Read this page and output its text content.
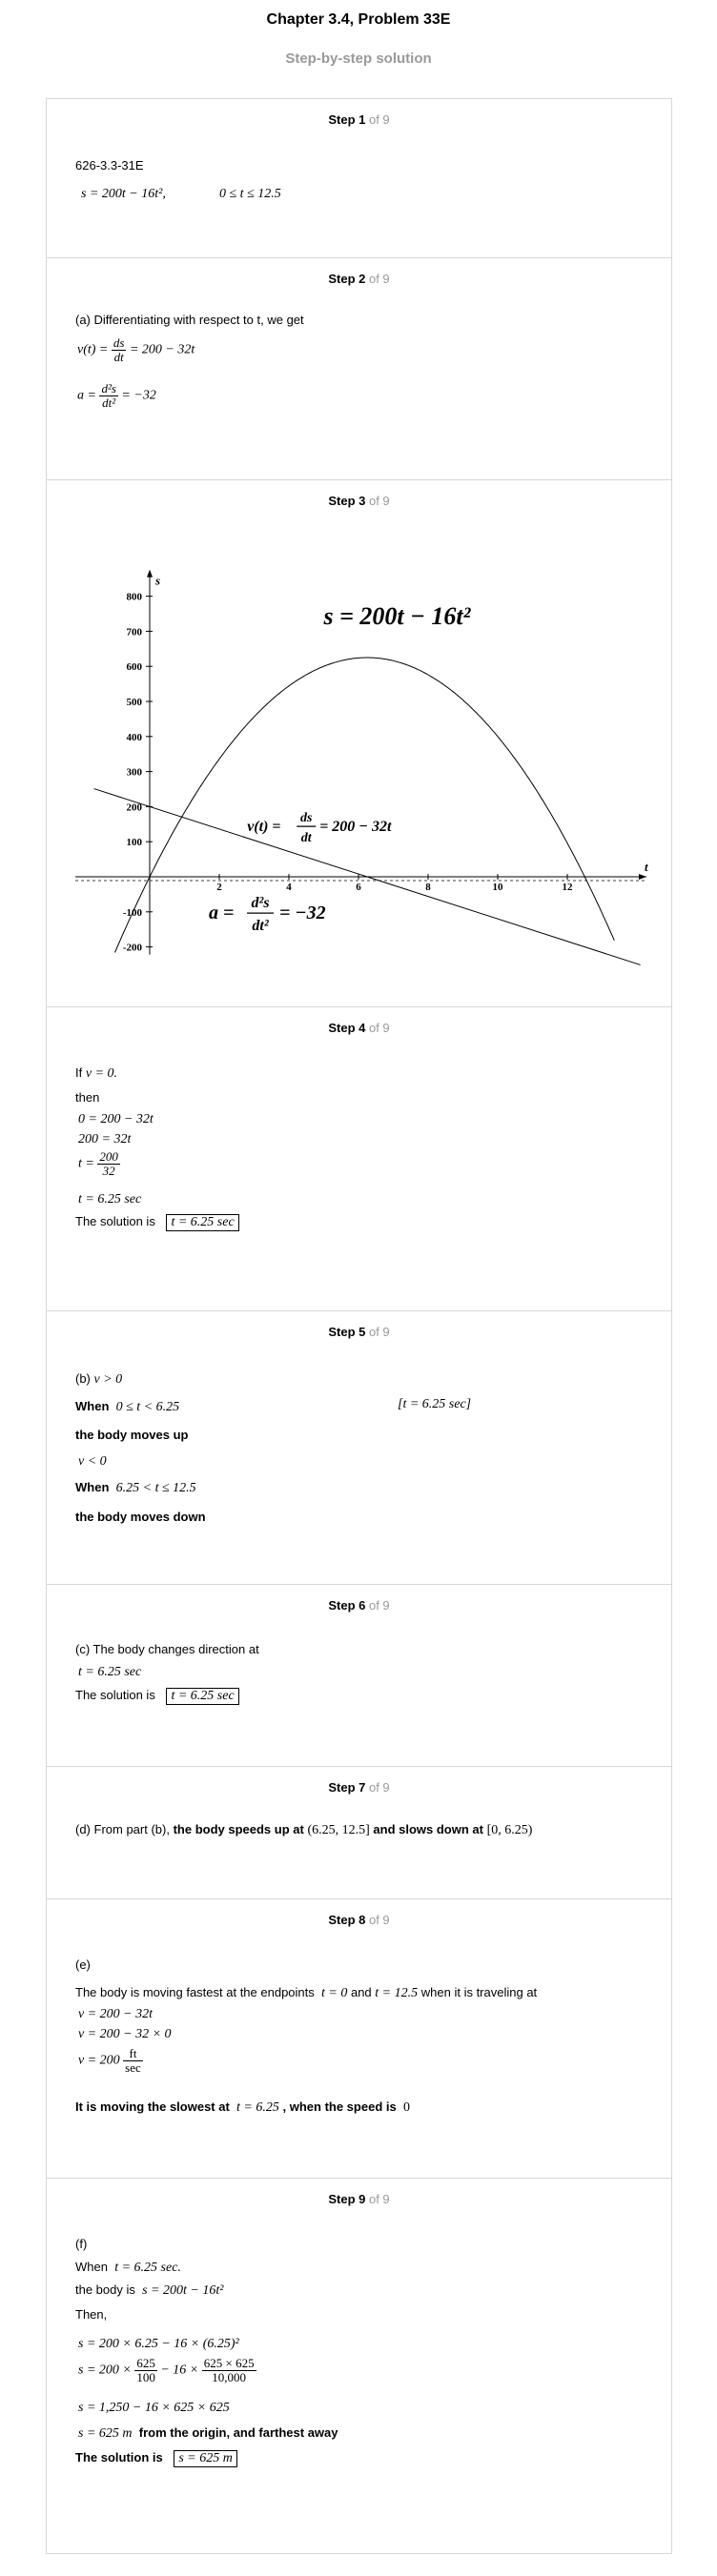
Chapter 3.4, Problem 33E
Step-by-step solution
Step 1 of 9
626-3.3-31E
s = 200t − 16t²,	0 ≤ t ≤ 12.5
Step 2 of 9
(a) Differentiating with respect to t, we get
$v(t) = \frac{ds}{dt} = 200 - 32t$
$a = \frac{\text{d²s}}{\text{dt²}} = -32$
Step 3 of 9
t
s
2	4	6	8	10	12
800
700
600
500
400
300
200
100
-100
-200
s = 200t − 16t²
v(t) =
ds
dt
= 200 − 32t
a = d²s
dt²
= −32
Step 4 of 9
If v = 0.
then
0 = 200 − 32t
200 = 32t
$t = \frac{200}{32}$
t = 6.25 sec
The solution is t = 6.25 sec
Step 5 of 9
(b) v > 0
When 0 ≤ t < 6.25	[t = 6.25 sec]
the body moves up
v < 0
When 6.25 < t ≤ 12.5
the body moves down
Step 6 of 9
(c) The body changes direction at
t = 6.25 sec
The solution is t = 6.25 sec
Step 7 of 9
(d) From part (b), the body speeds up at (6.25, 12.5] and slows down at [0, 6.25)
Step 8 of 9
(e)
The body is moving fastest at the endpoints t = 0 and t = 12.5 when it is traveling at
v = 200 − 32t
v = 200 − 32 × 0
$v = 200 \frac{ft}{\sec}$
It is moving the slowest at t = 6.25 , when the speed is 0
Step 9 of 9
(f)
When t = 6.25 sec.
the body is s = 200t − 16t²
Then,
s = 200 × 6.25 − 16 × (6.25)²
$s = 200 \times \frac{625}{100} - 16 \times \frac{625 \times 625}{10,000}$
s = 1,250 − 16 × 625 × 625
s = 625 m from the origin, and farthest away
The solution is s = 625 m
